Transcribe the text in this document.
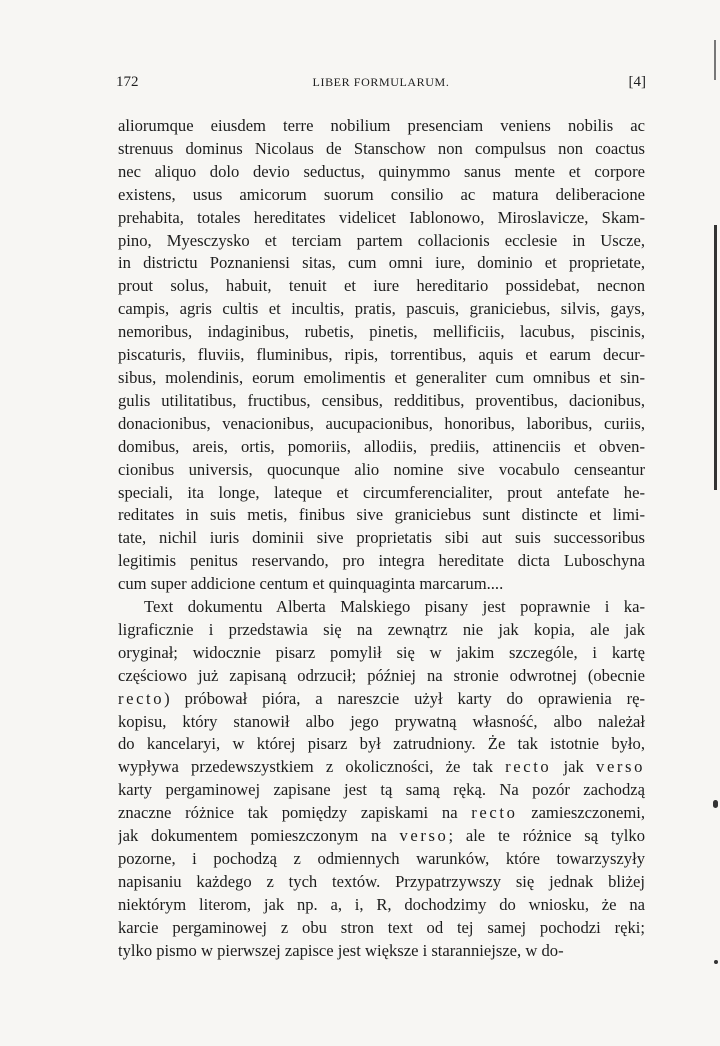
172	LIBER FORMULARUM.	[4]
aliorumque eiusdem terre nobilium presenciam veniens nobilis ac
strenuus dominus Nicolaus de Stanschow non compulsus non coactus
nec aliquo dolo devio seductus, quinymmo sanus mente et corpore
existens, usus amicorum suorum consilio ac matura deliberacione
prehabita, totales hereditates videlicet Iablonowo, Miroslavicze, Skam-
pino, Myesczysko et terciam partem collacionis ecclesie in Uscze,
in districtu Poznaniensi sitas, cum omni iure, dominio et proprietate,
prout solus, habuit, tenuit et iure hereditario possidebat, necnon
campis, agris cultis et incultis, pratis, pascuis, graniciebus, silvis, gays,
nemoribus, indaginibus, rubetis, pinetis, mellificiis, lacubus, piscinis,
piscaturis, fluviis, fluminibus, ripis, torrentibus, aquis et earum decur-
sibus, molendinis, eorum emolimentis et generaliter cum omnibus et sin-
gulis utilitatibus, fructibus, censibus, redditibus, proventibus, dacionibus,
donacionibus, venacionibus, aucupacionibus, honoribus, laboribus, curiis,
domibus, areis, ortis, pomoriis, allodiis, prediis, attinenciis et obven-
cionibus universis, quocunque alio nomine sive vocabulo censeantur
speciali, ita longe, lateque et circumferencialiter, prout antefate he-
reditates in suis metis, finibus sive graniciebus sunt distincte et limi-
tate, nichil iuris dominii sive proprietatis sibi aut suis successoribus
legitimis penitus reservando, pro integra hereditate dicta Luboschyna
cum super addicione centum et quinquaginta marcarum....
Text dokumentu Alberta Malskiego pisany jest poprawnie i ka-
ligraficznie i przedstawia się na zewnątrz nie jak kopia, ale jak
oryginał; widocznie pisarz pomylił się w jakim szczególe, i kartę
częściowo już zapisaną odrzucił; później na stronie odwrotnej (obecnie
recto) próbował pióra, a nareszcie użył karty do oprawienia rę-
kopisu, który stanowił albo jego prywatną własność, albo należał
do kancelaryi, w której pisarz był zatrudniony. Że tak istotnie było,
wypływa przedewszystkiem z okoliczności, że tak recto jak verso
karty pergaminowej zapisane jest tą samą ręką. Na pozór zachodzą
znaczne różnice tak pomiędzy zapiskami na recto zamieszczonemi,
jak dokumentem pomieszczonym na verso; ale te różnice są tylko
pozorne, i pochodzą z odmiennych warunków, które towarzyszyły
napisaniu każdego z tych textów. Przypatrzywszy się jednak bliżej
niektórym literom, jak np. a, i, R, dochodzimy do wniosku, że na
karcie pergaminowej z obu stron text od tej samej pochodzi ręki;
tylko pismo w pierwszej zapisce jest większe i staranniejsze, w do-
